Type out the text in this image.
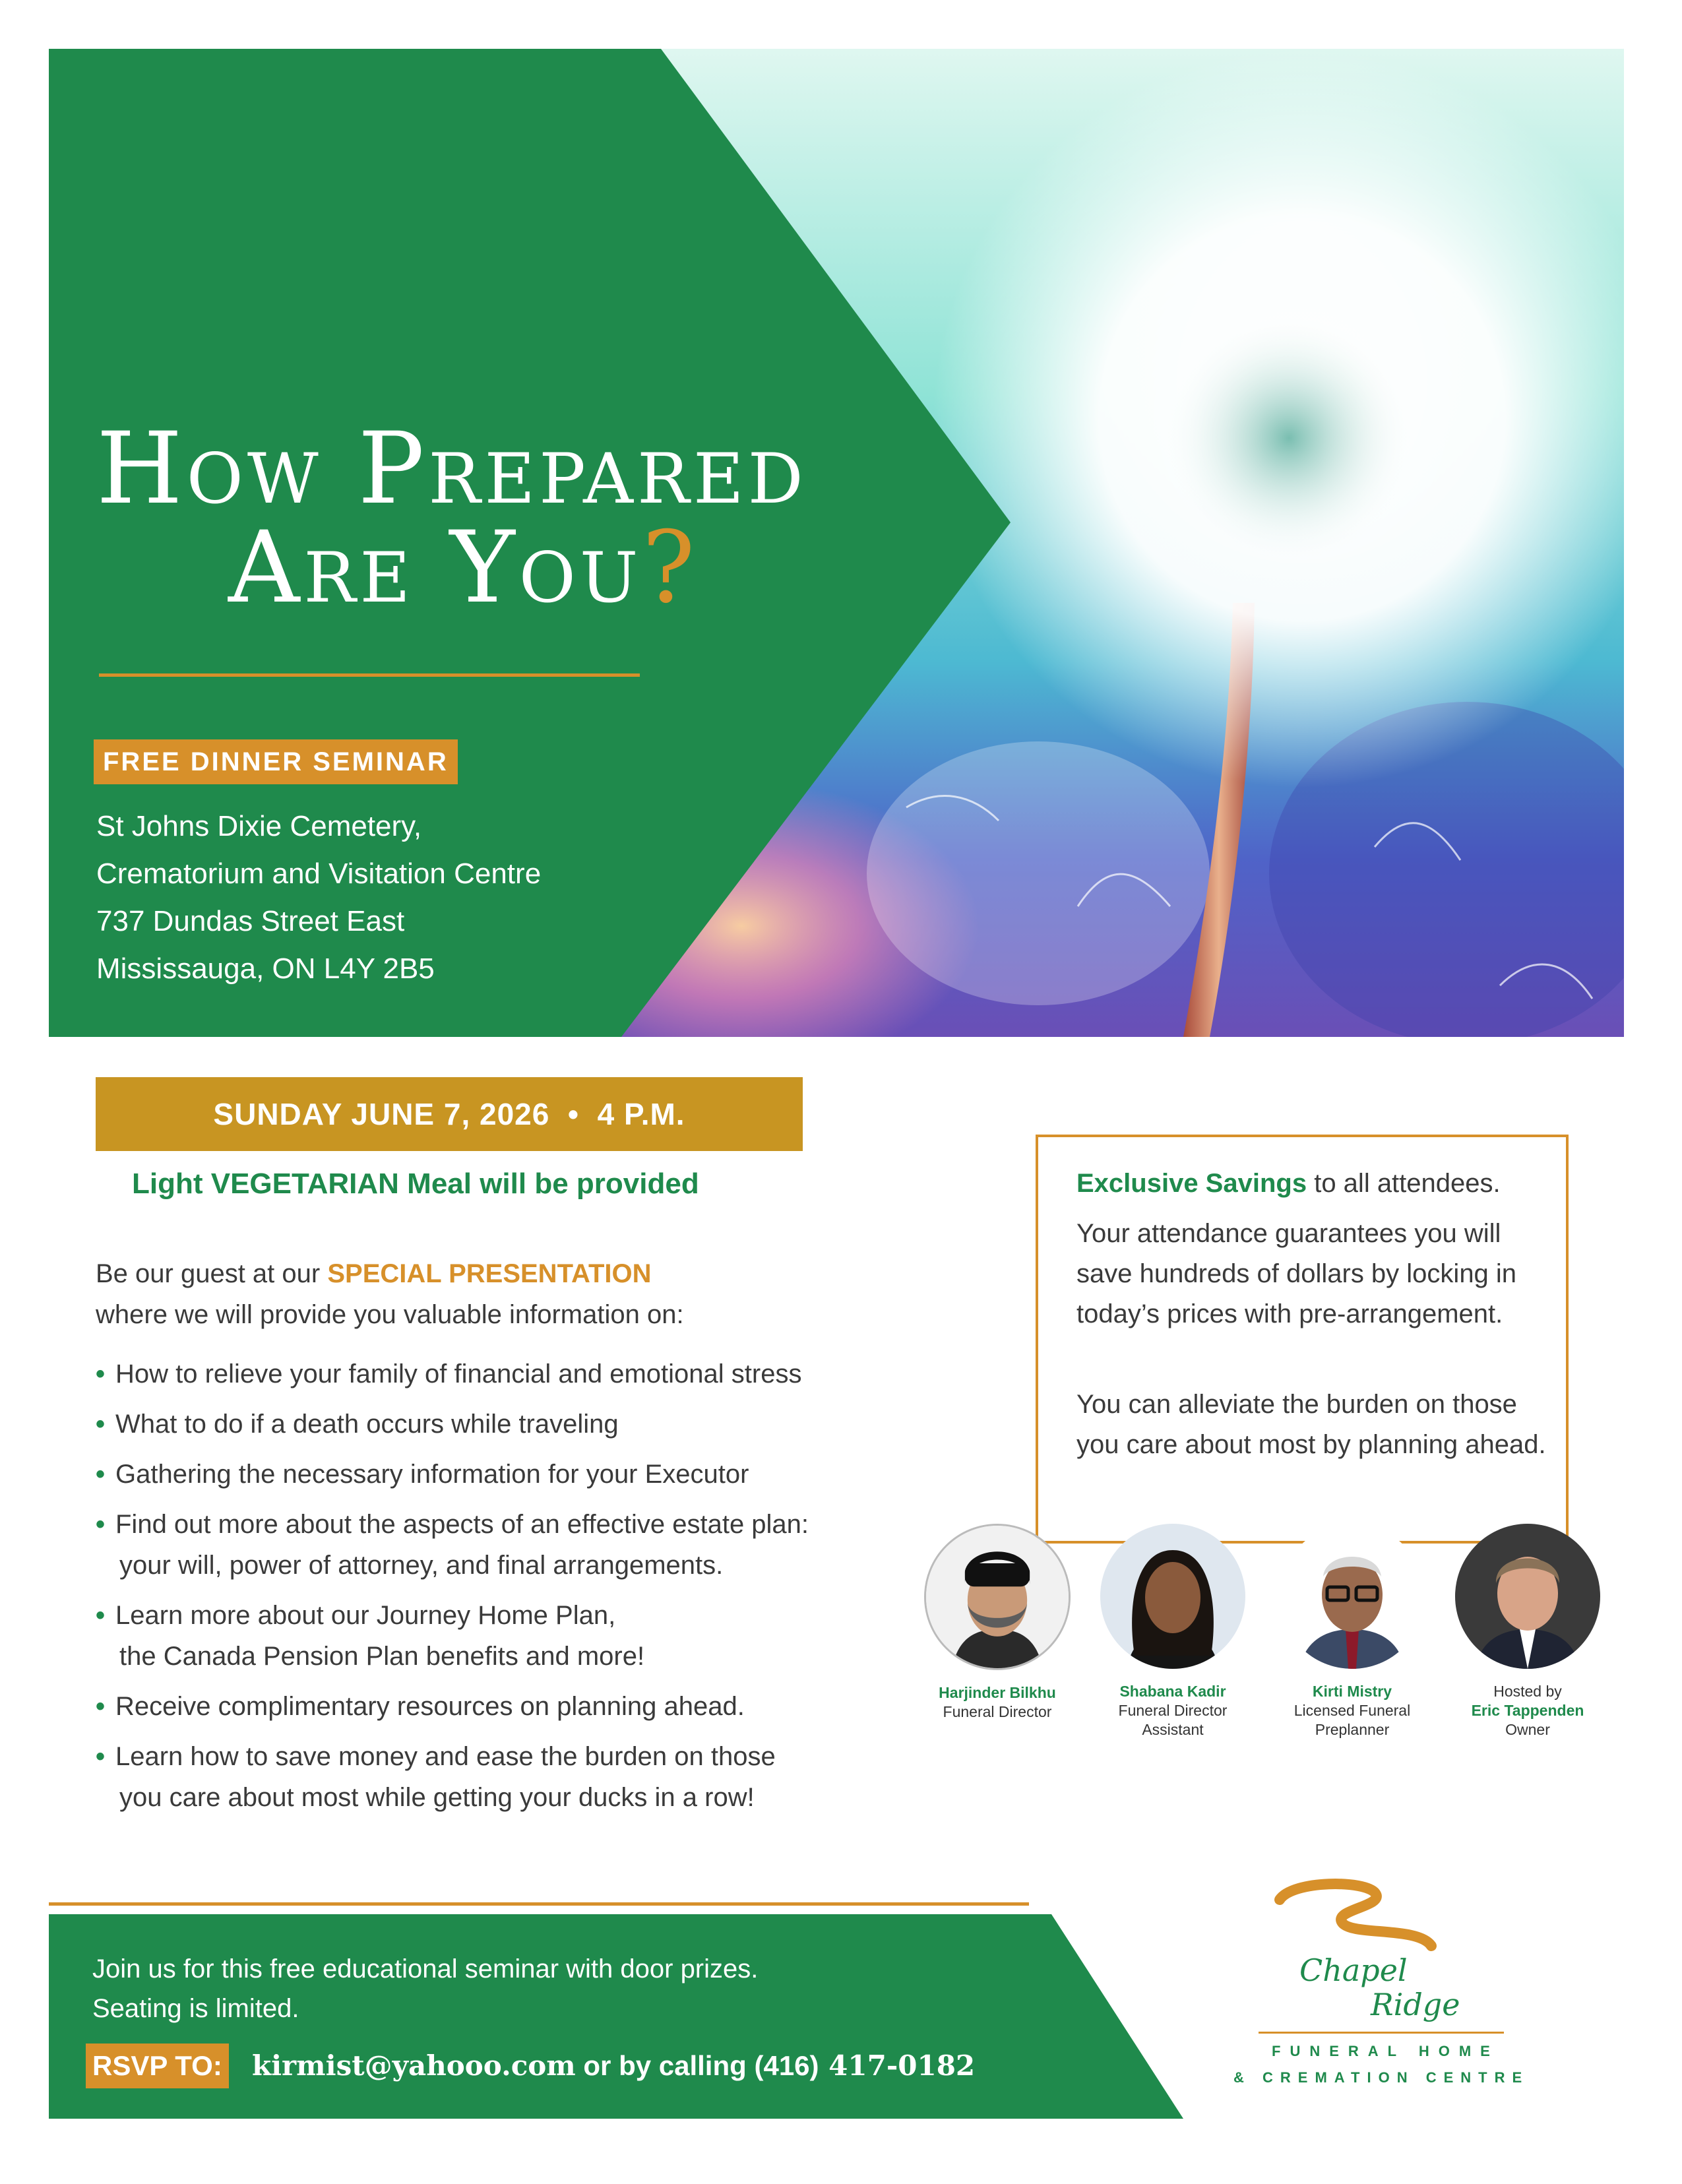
How Prepared
Are You?
FREE DINNER SEMINAR
St Johns Dixie Cemetery,
Crematorium and Visitation Centre
737 Dundas Street East
Mississauga, ON L4Y 2B5
SUNDAY JUNE 7, 2026  •  4 P.M.
Light VEGETARIAN Meal will be provided
Be our guest at our SPECIAL PRESENTATION
where we will provide you valuable information on:
• How to relieve your family of financial and emotional stress
• What to do if a death occurs while traveling
• Gathering the necessary information for your Executor
• Find out more about the aspects of an effective estate plan:
your will, power of attorney, and final arrangements.
• Learn more about our Journey Home Plan,
the Canada Pension Plan benefits and more!
• Receive complimentary resources on planning ahead.
• Learn how to save money and ease the burden on those
you care about most while getting your ducks in a row!
Exclusive Savings to all attendees.
Your attendance guarantees you will save hundreds of dollars by locking in today’s prices with pre-arrangement.
You can alleviate the burden on those you care about most by planning ahead.
Harjinder Bilkhu
Funeral Director
Shabana Kadir
Funeral Director
Assistant
Kirti Mistry
Licensed Funeral
Preplanner
Hosted by
Eric Tappenden
Owner
Join us for this free educational seminar with door prizes.
Seating is limited.
RSVP TO: kirmist@yahooo.com or by calling (416) 417-0182
Chapel
Ridge
FUNERAL HOME
& CREMATION CENTRE
